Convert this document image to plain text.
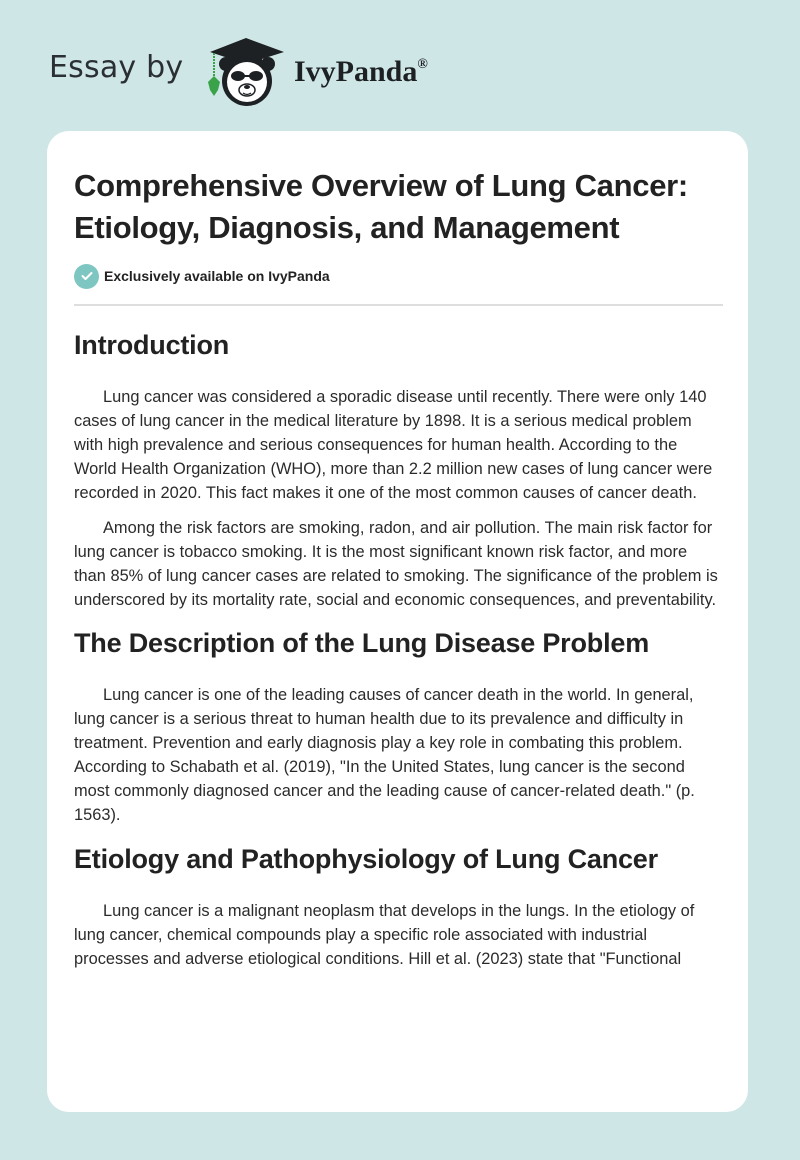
Essay by	IvyPanda®
Comprehensive Overview of Lung Cancer: Etiology, Diagnosis, and Management
Exclusively available on IvyPanda
Introduction

Lung cancer was considered a sporadic disease until recently. There were only 140 cases of lung cancer in the medical literature by 1898. It is a serious medical problem with high prevalence and serious consequences for human health. According to the World Health Organization (WHO), more than 2.2 million new cases of lung cancer were recorded in 2020. This fact makes it one of the most common causes of cancer death.

Among the risk factors are smoking, radon, and air pollution. The main risk factor for lung cancer is tobacco smoking. It is the most significant known risk factor, and more than 85% of lung cancer cases are related to smoking. The significance of the problem is underscored by its mortality rate, social and economic consequences, and preventability.

The Description of the Lung Disease Problem

Lung cancer is one of the leading causes of cancer death in the world. In general, lung cancer is a serious threat to human health due to its prevalence and difficulty in treatment. Prevention and early diagnosis play a key role in combating this problem. According to Schabath et al. (2019), "In the United States, lung cancer is the second most commonly diagnosed cancer and the leading cause of cancer-related death." (p. 1563).

Etiology and Pathophysiology of Lung Cancer

Lung cancer is a malignant neoplasm that develops in the lungs. In the etiology of lung cancer, chemical compounds play a specific role associated with industrial processes and adverse etiological conditions. Hill et al. (2023) state that "Functional
